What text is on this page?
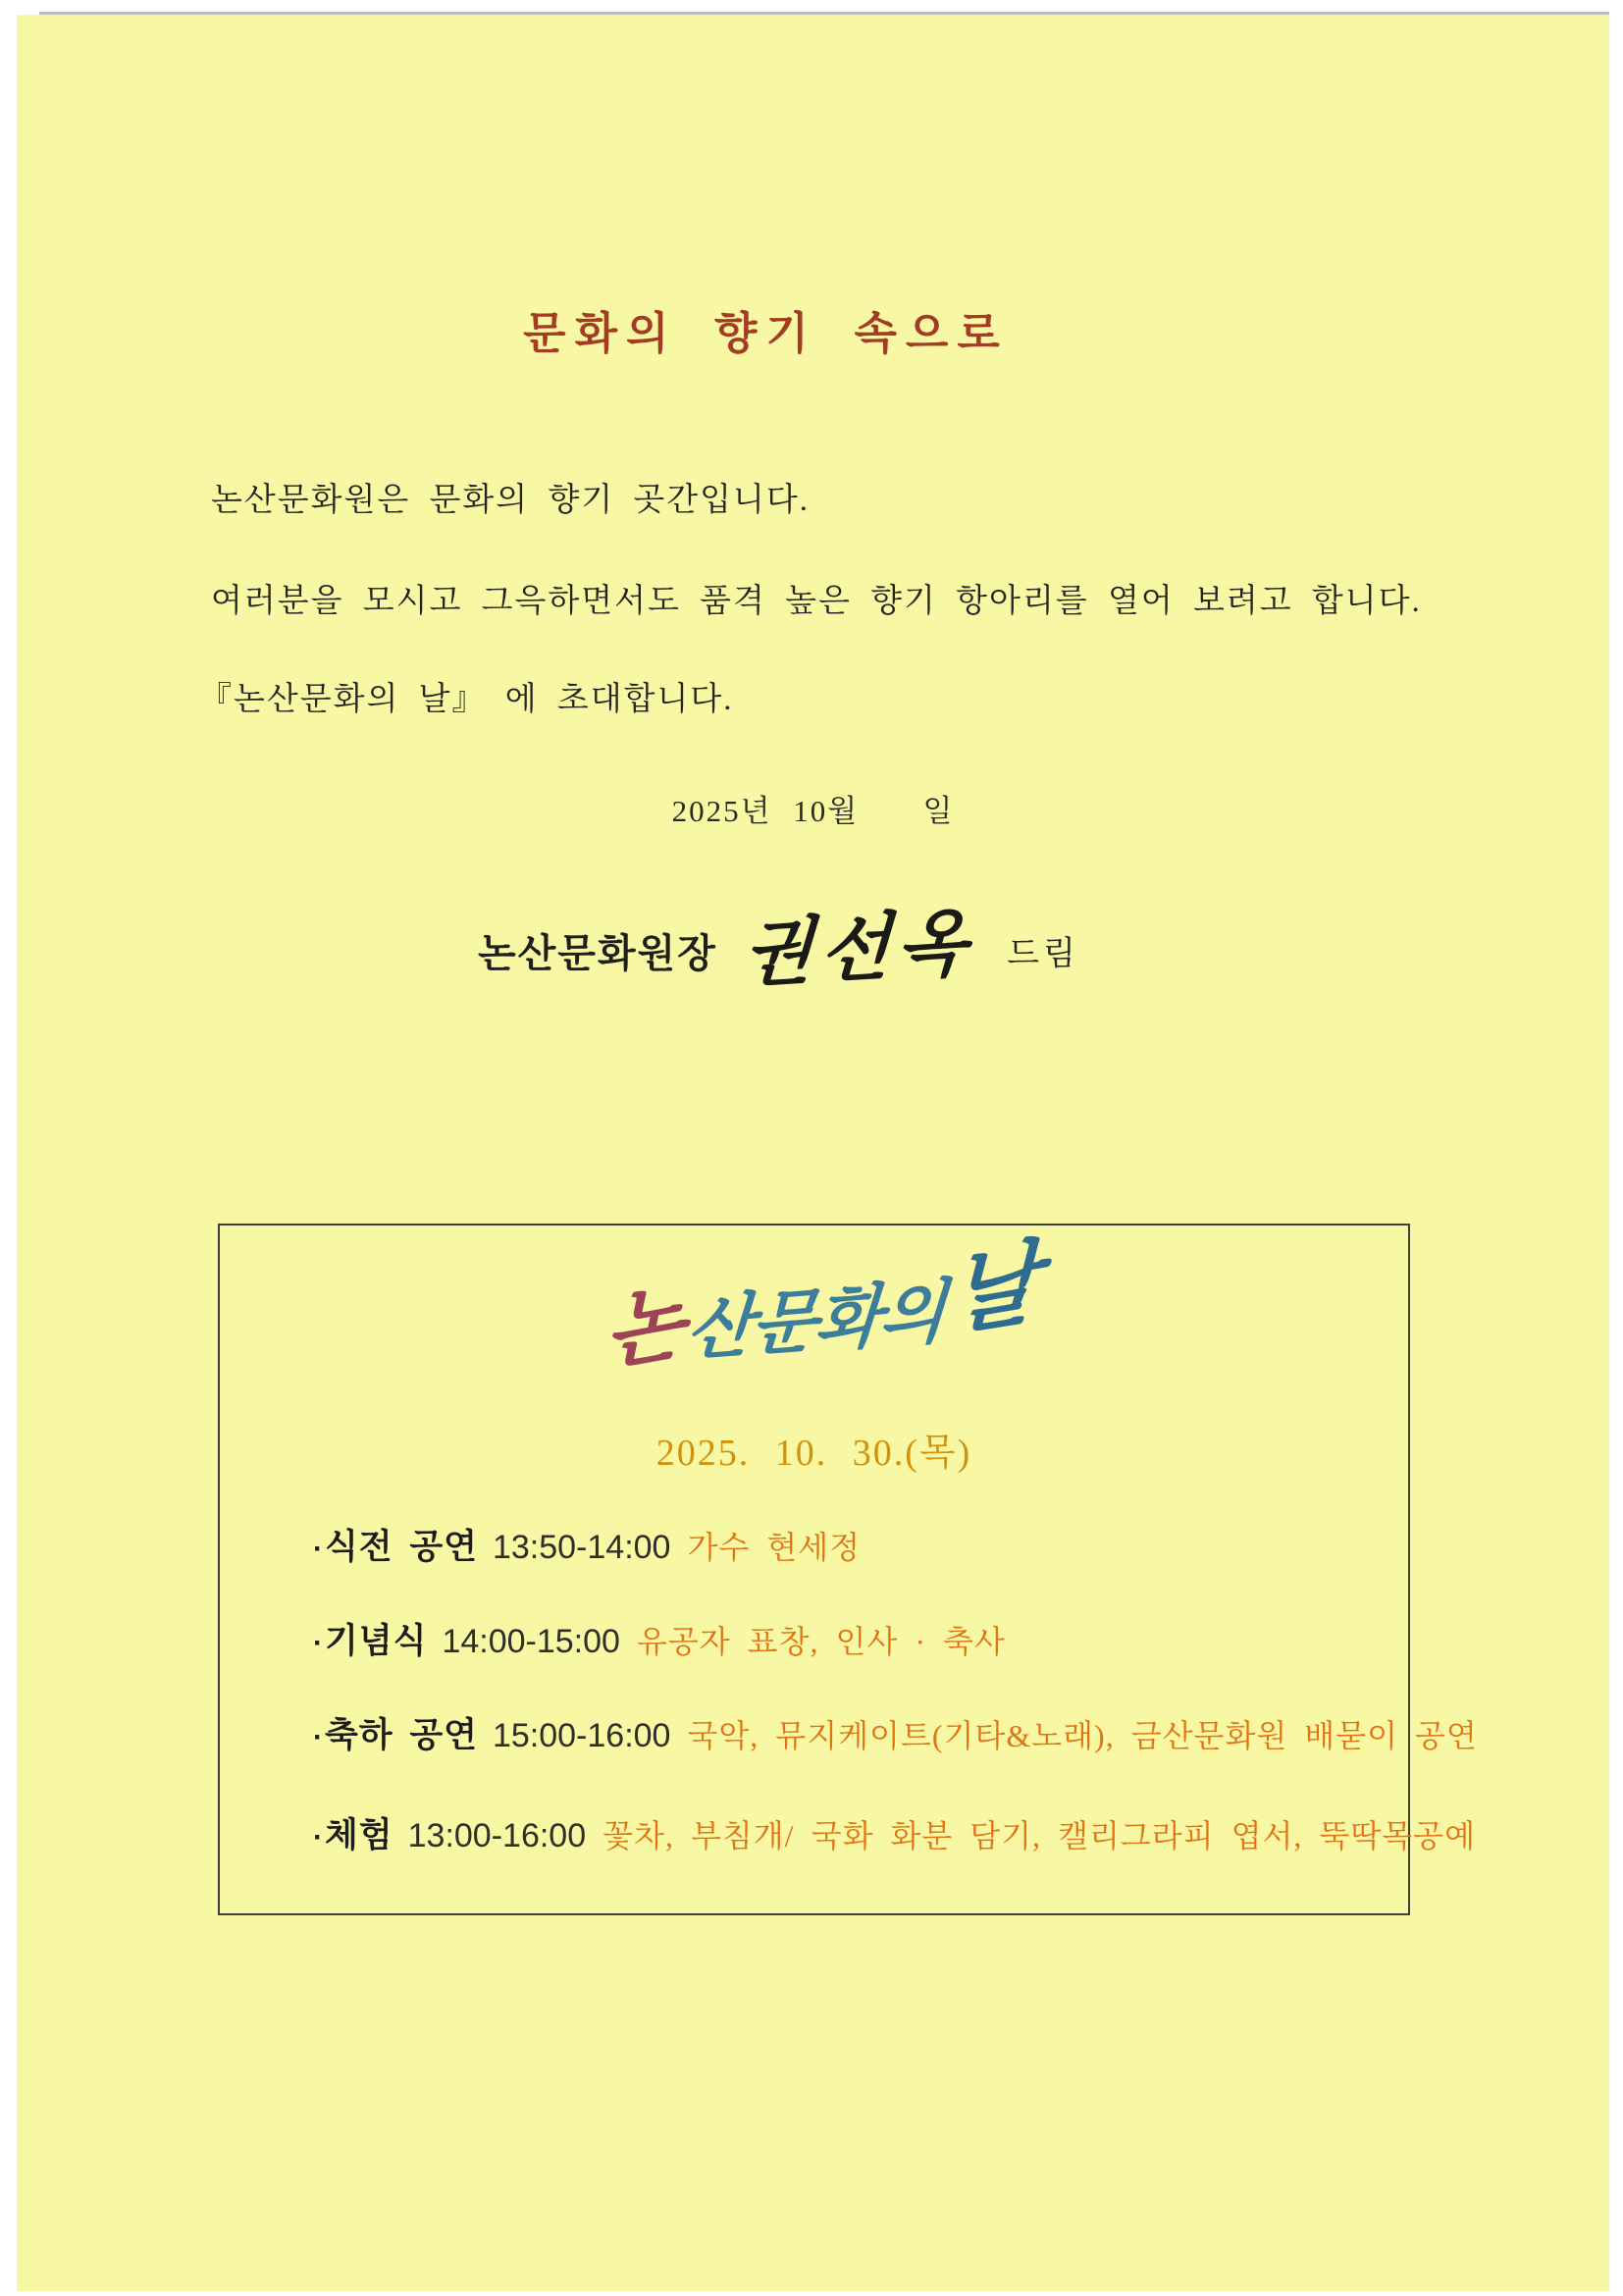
문화의 향기 속으로

논산문화원은 문화의 향기 곳간입니다.

여러분을 모시고 그윽하면서도 품격 높은 향기 항아리를 열어 보려고 합니다.

『논산문화의 날』 에 초대합니다.

2025년 10월   일
논산문화원장 권선옥 드림
논산문화의날
2025. 10. 30.(목)
· 식전 공연 13:50-14:00 가수 현세정
· 기념식 14:00-15:00 유공자 표창, 인사 · 축사
· 축하 공연 15:00-16:00 국악, 뮤지케이트(기타&노래), 금산문화원 배묻이 공연
· 체험 13:00-16:00 꽃차, 부침개/ 국화 화분 담기, 캘리그라피 엽서, 뚝딱목공예
